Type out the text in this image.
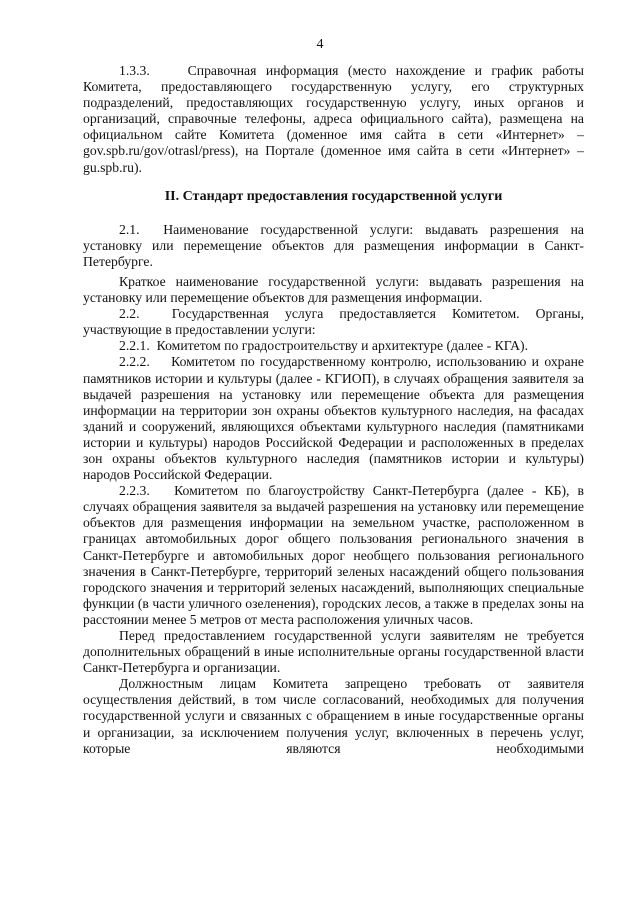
4

1.3.3.    Справочная информация (место нахождение и график работы Комитета, предоставляющего государственную услугу, его структурных подразделений, предоставляющих государственную услугу, иных органов и организаций, справочные телефоны, адреса официального сайта), размещена на официальном сайте Комитета (доменное имя сайта в сети «Интернет» – gov.spb.ru/gov/otrasl/press), на Портале (доменное имя сайта в сети «Интернет» – gu.spb.ru).

II. Стандарт предоставления государственной услуги

2.1.  Наименование государственной услуги: выдавать разрешения на установку или перемещение объектов для размещения информации в Санкт-Петербурге.

Краткое наименование государственной услуги: выдавать разрешения на установку или перемещение объектов для размещения информации.

2.2.  Государственная услуга предоставляется Комитетом. Органы, участвующие в предоставлении услуги:

2.2.1.  Комитетом по градостроительству и архитектуре (далее - КГА).

2.2.2.    Комитетом по государственному контролю, использованию и охране памятников истории и культуры (далее - КГИОП), в случаях обращения заявителя за выдачей разрешения на установку или перемещение объекта для размещения информации на территории зон охраны объектов культурного наследия, на фасадах зданий и сооружений, являющихся объектами культурного наследия (памятниками истории и культуры) народов Российской Федерации и расположенных в пределах зон охраны объектов культурного наследия (памятников истории и культуры) народов Российской Федерации.

2.2.3.   Комитетом по благоустройству Санкт-Петербурга (далее - КБ), в случаях обращения заявителя за выдачей разрешения на установку или перемещение объектов для размещения информации на земельном участке, расположенном в границах автомобильных дорог общего пользования регионального значения в Санкт-Петербурге и автомобильных дорог необщего пользования регионального значения в Санкт-Петербурге, территорий зеленых насаждений общего пользования городского значения и территорий зеленых насаждений, выполняющих специальные функции (в части уличного озеленения), городских лесов, а также в пределах зоны на расстоянии менее 5 метров от места расположения уличных часов.

Перед предоставлением государственной услуги заявителям не требуется дополнительных обращений в иные исполнительные органы государственной власти Санкт-Петербурга и организации.

Должностным лицам Комитета запрещено требовать от заявителя осуществления действий, в том числе согласований, необходимых для получения государственной услуги и связанных с обращением в иные государственные органы и организации, за исключением получения услуг, включенных в перечень услуг, которые являются необходимыми
